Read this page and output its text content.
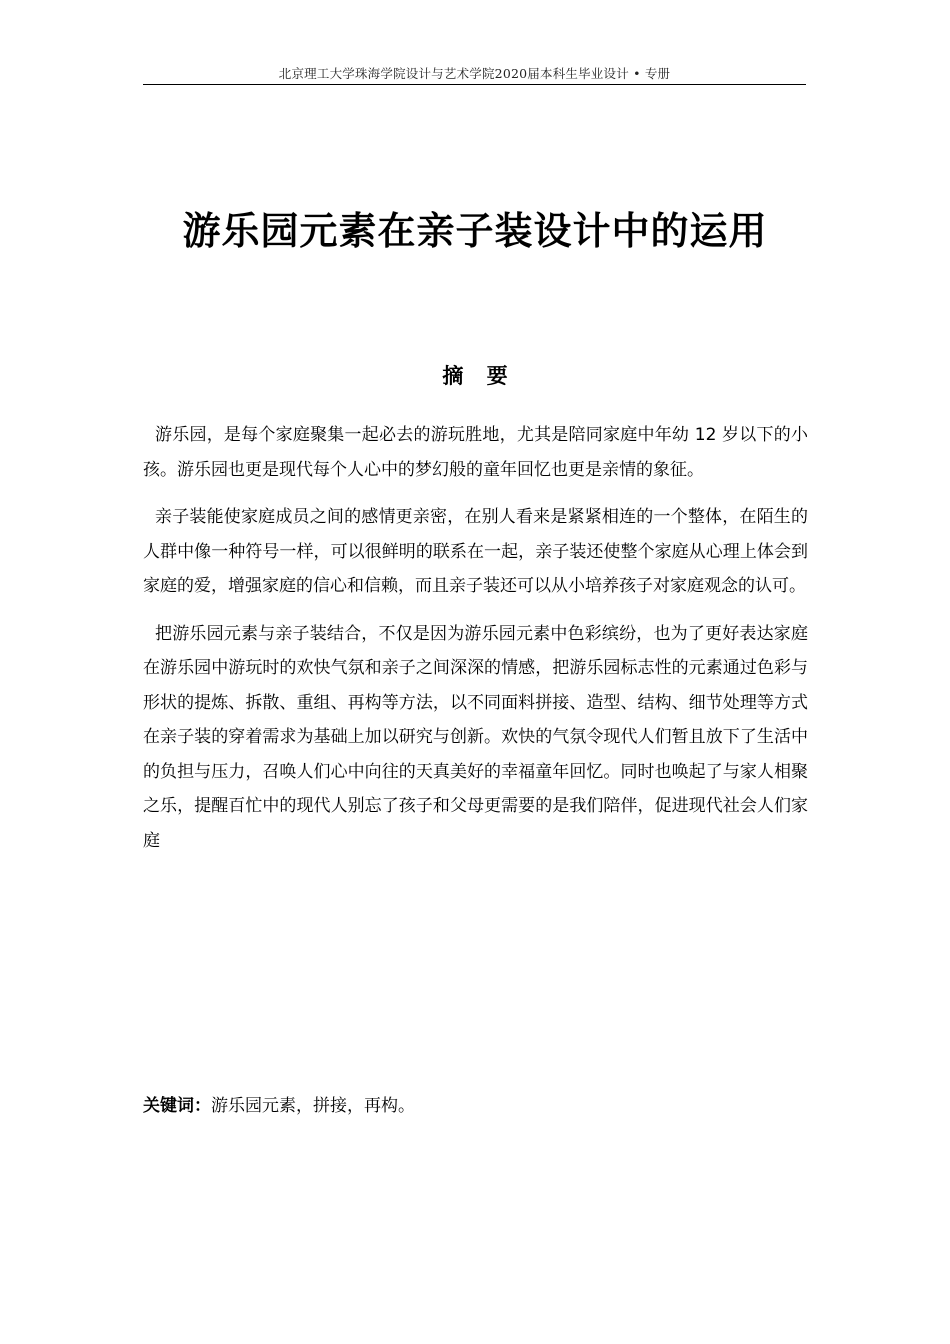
北京理工大学珠海学院设计与艺术学院2020届本科生毕业设计 • 专册
游乐园元素在亲子装设计中的运用
摘 要

游乐园，是每个家庭聚集一起必去的游玩胜地，尤其是陪同家庭中年幼 12 岁以下的小孩。游乐园也更是现代每个人心中的梦幻般的童年回忆也更是亲情的象征。

亲子装能使家庭成员之间的感情更亲密，在别人看来是紧紧相连的一个整体，在陌生的人群中像一种符号一样，可以很鲜明的联系在一起，亲子装还使整个家庭从心理上体会到家庭的爱，增强家庭的信心和信赖，而且亲子装还可以从小培养孩子对家庭观念的认可。

把游乐园元素与亲子装结合，不仅是因为游乐园元素中色彩缤纷，也为了更好表达家庭在游乐园中游玩时的欢快气氛和亲子之间深深的情感，把游乐园标志性的元素通过色彩与形状的提炼、拆散、重组、再构等方法，以不同面料拼接、造型、结构、细节处理等方式在亲子装的穿着需求为基础上加以研究与创新。欢快的气氛令现代人们暂且放下了生活中的负担与压力，召唤人们心中向往的天真美好的幸福童年回忆。同时也唤起了与家人相聚之乐，提醒百忙中的现代人别忘了孩子和父母更需要的是我们陪伴，促进现代社会人们家庭

关键词：游乐园元素，拼接，再构。
